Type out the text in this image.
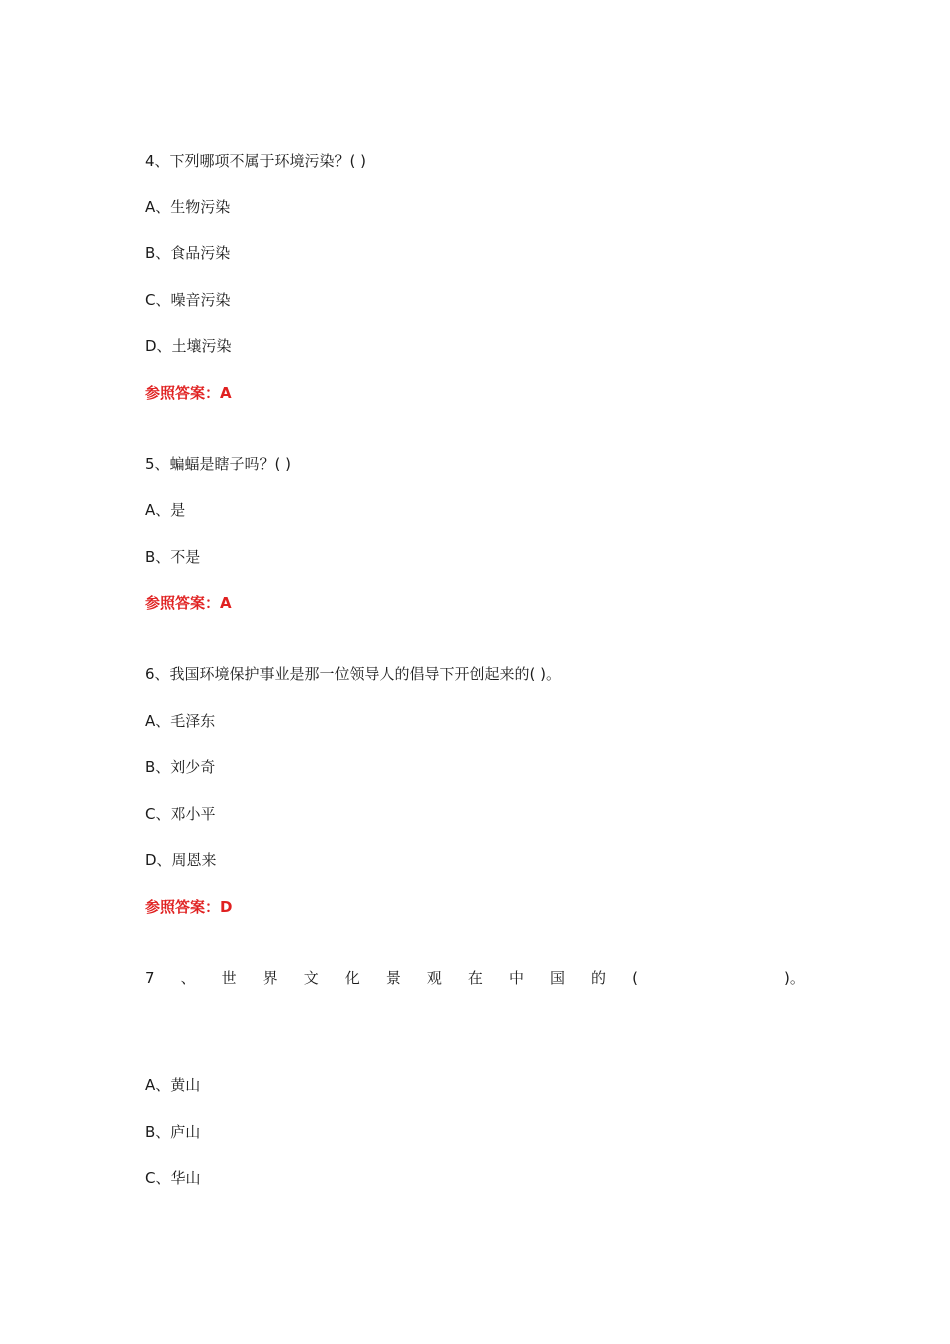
4、下列哪项不属于环境污染？( )
A、生物污染
B、食品污染
C、噪音污染
D、土壤污染
参照答案：A
5、蝙蝠是瞎子吗？( )
A、是
B、不是
参照答案：A
6、我国环境保护事业是那一位领导人的倡导下开创起来的( )。
A、毛泽东
B、刘少奇
C、邓小平
D、周恩来
参照答案：D
7 、 世 界 文 化 景 观 在 中 国 的 (	)。
A、黄山
B、庐山
C、华山
